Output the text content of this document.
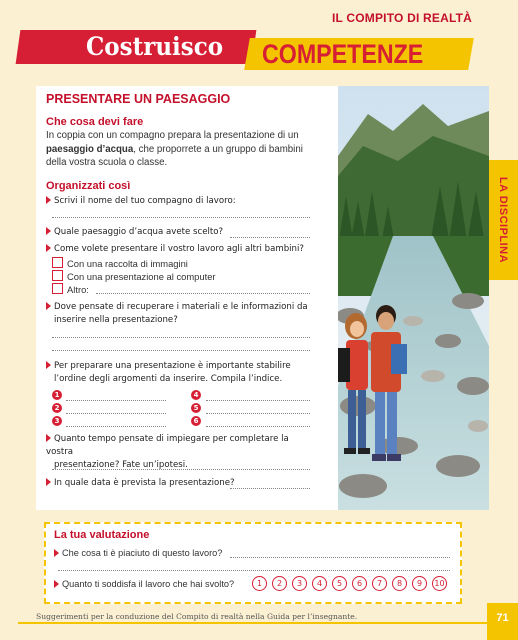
IL COMPITO DI REALTÀ
Costruisco COMPETENZE
LA DISCIPLINA
PRESENTARE UN PAESAGGIO
Che cosa devi fare
In coppia con un compagno prepara la presentazione di un
paesaggio d’acqua, che proporrete a un gruppo di bambini
della vostra scuola o classe.
Organizzati così
Scrivi il nome del tuo compagno di lavoro:
Quale paesaggio d’acqua avete scelto?
Come volete presentare il vostro lavoro agli altri bambini?
Con una raccolta di immagini
Con una presentazione al computer
Altro:
Dove pensate di recuperare i materiali e le informazioni da
inserire nella presentazione?
Per preparare una presentazione è importante stabilire
l’ordine degli argomenti da inserire. Compila l’indice.
1
2
3
4
5
6
Quanto tempo pensate di impiegare per completare la vostra
presentazione? Fate un’ipotesi.
In quale data è prevista la presentazione?
La tua valutazione
Che cosa ti è piaciuto di questo lavoro?
Quanto ti soddisfa il lavoro che hai svolto?	1	2	3	4	5	6	7	8	9	10
Suggerimenti per la conduzione del Compito di realtà nella Guida per l’insegnante.	71
